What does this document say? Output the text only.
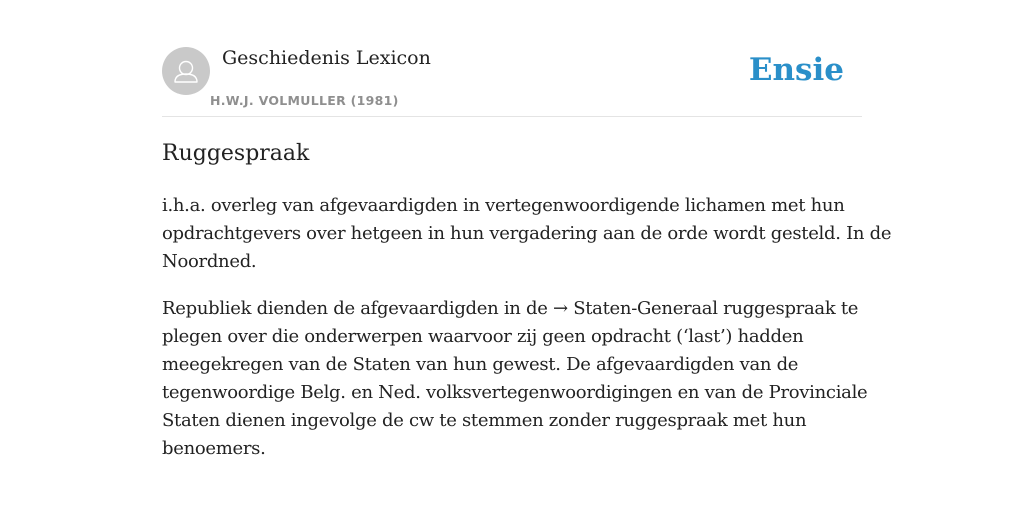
Geschiedenis Lexicon
H.W.J. VOLMULLER (1981)
Ensie
Ruggespraak

i.h.a. overleg van afgevaardigden in vertegenwoordigende lichamen met hun
opdrachtgevers over hetgeen in hun vergadering aan de orde wordt gesteld. In de
Noordned.

Republiek dienden de afgevaardigden in de → Staten-Generaal ruggespraak te
plegen over die onderwerpen waarvoor zij geen opdracht (‘last’) hadden
meegekregen van de Staten van hun gewest. De afgevaardigden van de
tegenwoordige Belg. en Ned. volksvertegenwoordigingen en van de Provinciale
Staten dienen ingevolge de cw te stemmen zonder ruggespraak met hun
benoemers.
